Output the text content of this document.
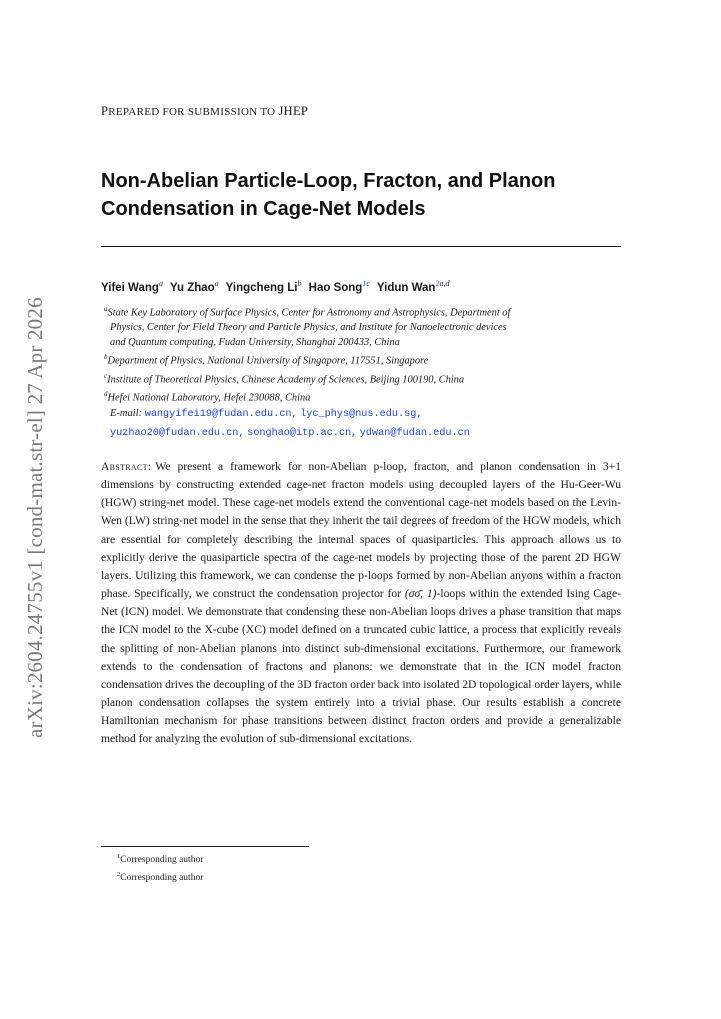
arXiv:2604.24755v1 [cond-mat.str-el] 27 Apr 2026
PREPARED FOR SUBMISSION TO JHEP
Non-Abelian Particle-Loop, Fracton, and Planon
Condensation in Cage-Net Models
Yifei Wang$^a$ Yu Zhao$^a$ Yingcheng Li$^b$ Hao Song$^{1c}$ Yidun Wan$^{2a,d}$

$^a$State Key Laboratory of Surface Physics, Center for Astronomy and Astrophysics, Department of
Physics, Center for Field Theory and Particle Physics, and Institute for Nanoelectronic devices
and Quantum computing, Fudan University, Shanghai 200433, China

$^b$Department of Physics, National University of Singapore, 117551, Singapore

$^c$Institute of Theoretical Physics, Chinese Academy of Sciences, Beijing 100190, China

$^d$Hefei National Laboratory, Hefei 230088, China

E-mail: wangyifei19@fudan.edu.cn, lyc_phys@nus.edu.sg,
yuzhao20@fudan.edu.cn, songhao@itp.ac.cn, ydwan@fudan.edu.cn
Abstract: We present a framework for non-Abelian p-loop, fracton, and planon condensation in 3+1 dimensions by constructing extended cage-net fracton models using decoupled layers of the Hu-Geer-Wu (HGW) string-net model. These cage-net models extend the conventional cage-net models based on the Levin-Wen (LW) string-net model in the sense that they inherit the tail degrees of freedom of the HGW models, which are essential for completely describing the internal spaces of quasiparticles. This approach allows us to explicitly derive the quasiparticle spectra of the cage-net models by projecting those of the parent 2D HGW layers. Utilizing this framework, we can condense the p-loops formed by non-Abelian anyons within a fracton phase. Specifically, we construct the condensation projector for (σσ̄, 1)-loops within the extended Ising Cage-Net (ICN) model. We demonstrate that condensing these non-Abelian loops drives a phase transition that maps the ICN model to the X-cube (XC) model defined on a truncated cubic lattice, a process that explicitly reveals the splitting of non-Abelian planons into distinct sub-dimensional excitations. Furthermore, our framework extends to the condensation of fractons and planons: we demonstrate that in the ICN model fracton condensation drives the decoupling of the 3D fracton order back into isolated 2D topological order layers, while planon condensation collapses the system entirely into a trivial phase. Our results establish a concrete Hamiltonian mechanism for phase transitions between distinct fracton orders and provide a generalizable method for analyzing the evolution of sub-dimensional excitations.
$^1$Corresponding author
$^2$Corresponding author
